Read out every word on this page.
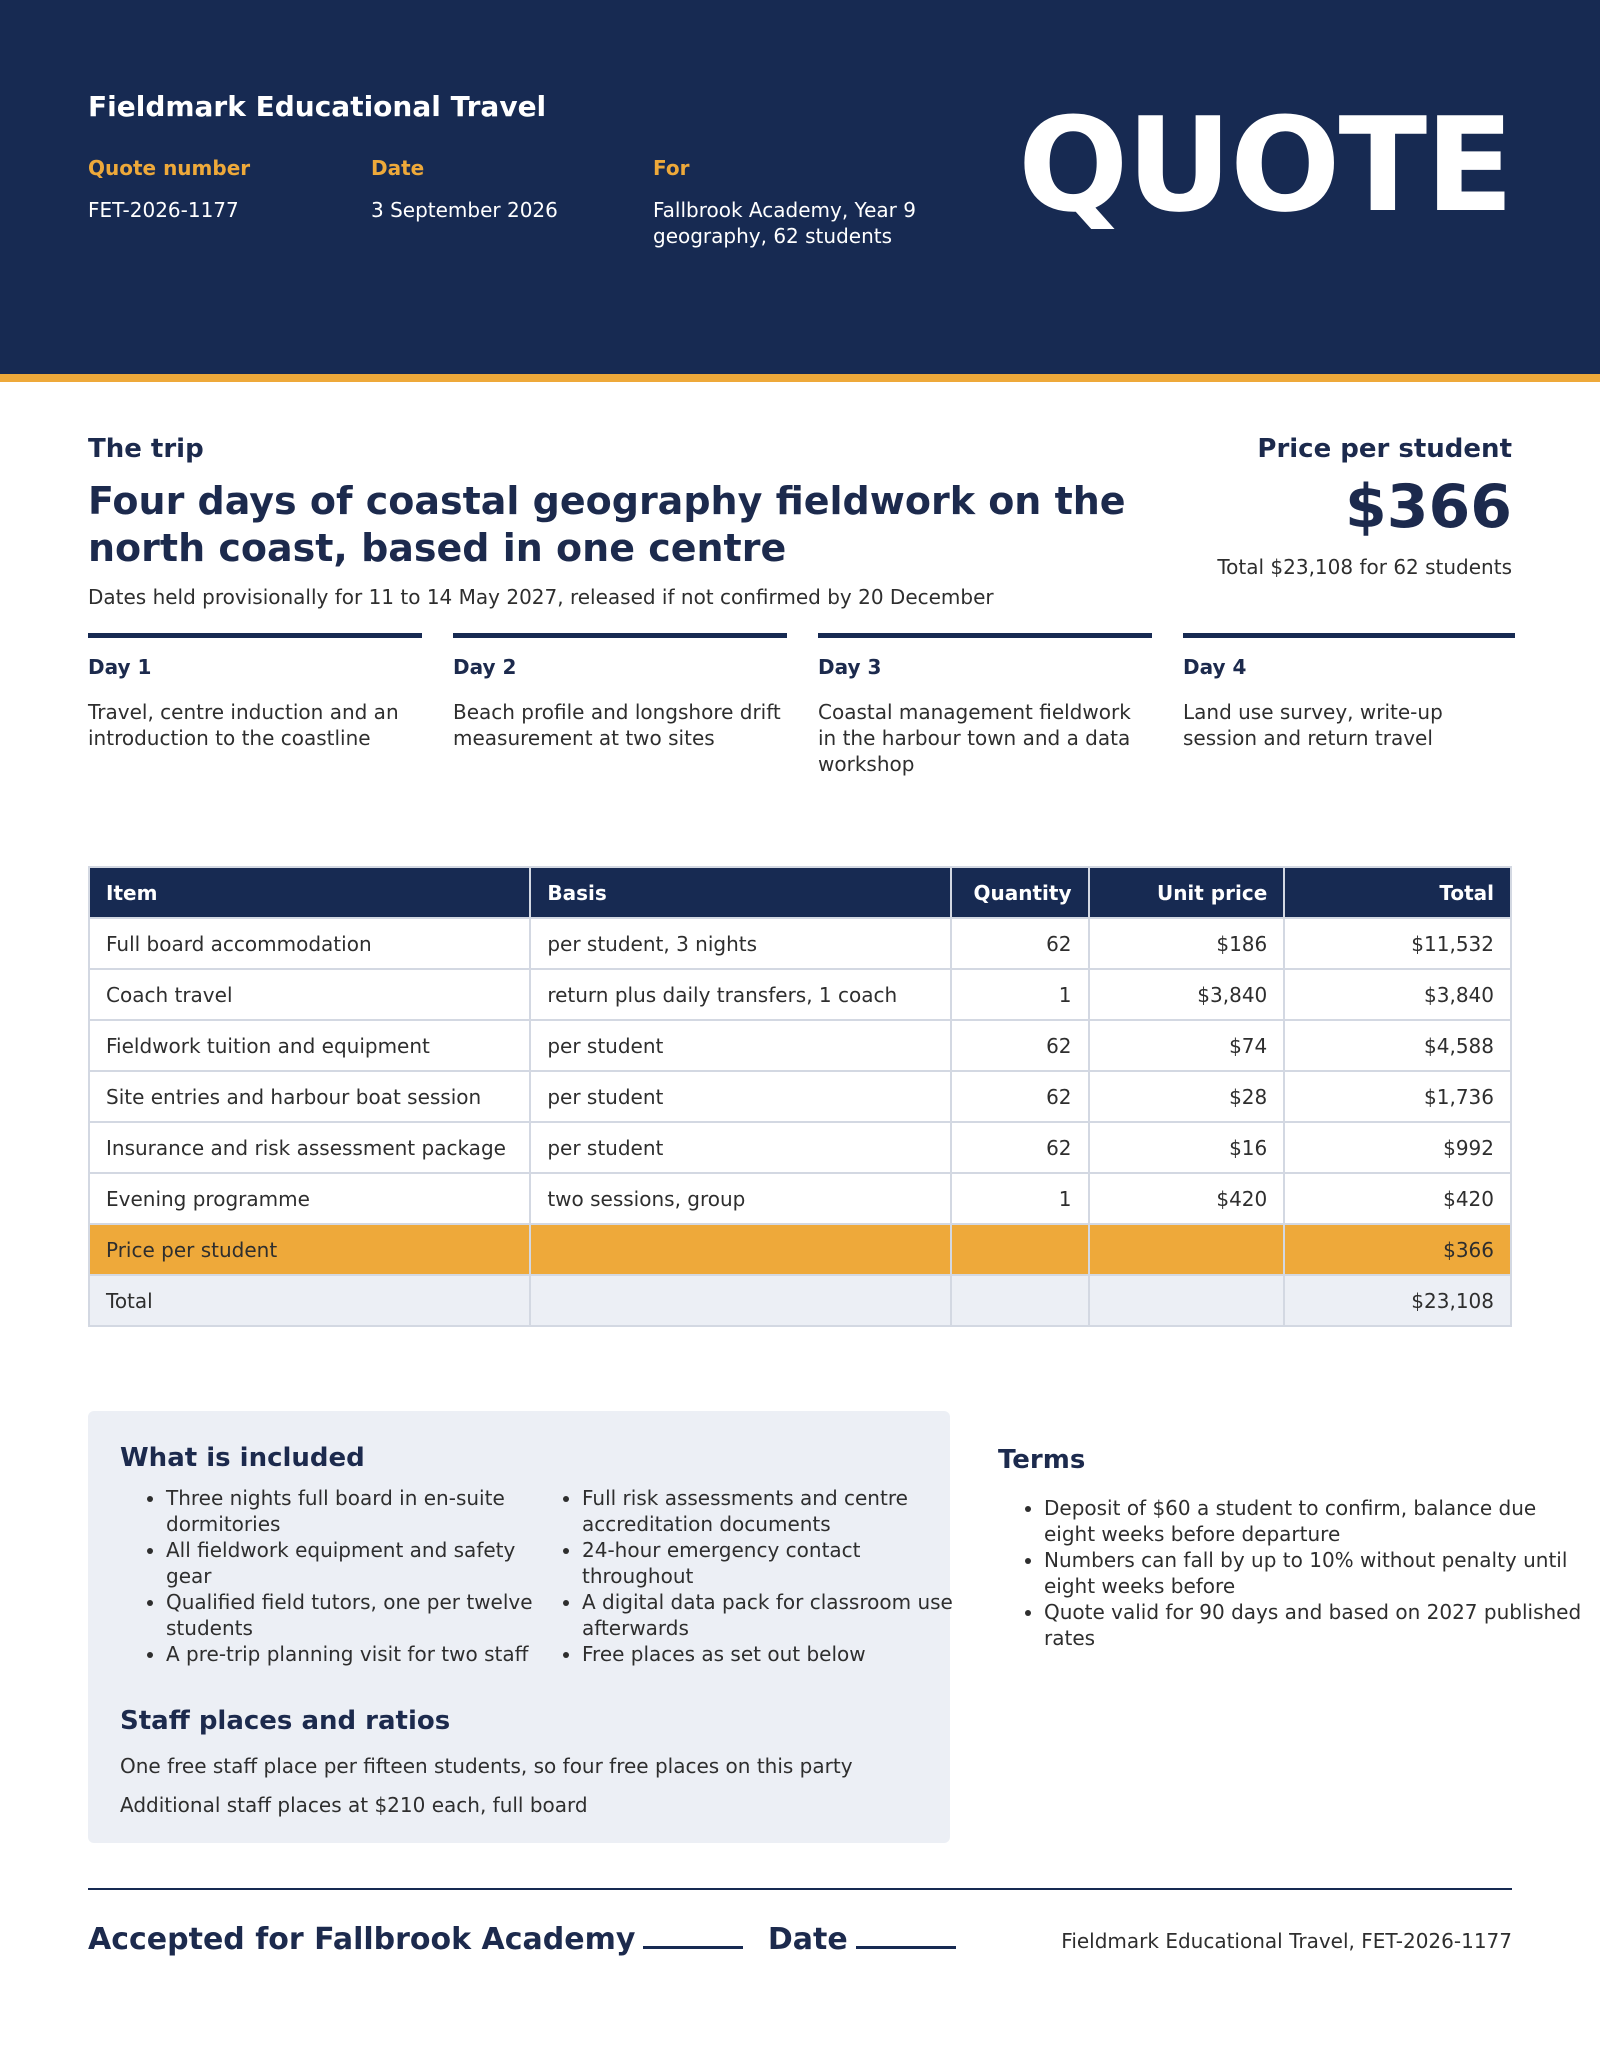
Fieldmark Educational Travel
Quote number
FET-2026-1177
Date
3 September 2026
For
Fallbrook Academy, Year 9 geography, 62 students QUOTE
The trip
Four days of coastal geography fieldwork on the north coast, based in one centre
Dates held provisionally for 11 to 14 May 2027, released if not confirmed by 20 December
Price per student
$366
Total $23,108 for 62 students
Day 1
Travel, centre induction and an introduction to the coastline
Day 2
Beach profile and longshore drift measurement at two sites
Day 3
Coastal management fieldwork in the harbour town and a data workshop
Day 4
Land use survey, write-up session and return travel
Item	Basis	Quantity	Unit price	Total
Full board accommodation	per student, 3 nights	62	$186	$11,532
Coach travel	return plus daily transfers, 1 coach	1	$3,840	$3,840
Fieldwork tuition and equipment	per student	62	$74	$4,588
Site entries and harbour boat session	per student	62	$28	$1,736
Insurance and risk assessment package	per student	62	$16	$992
Evening programme	two sessions, group	1	$420	$420
Price per student				$366
Total				$23,108
What is included
• Three nights full board in en-suite dormitories
• All fieldwork equipment and safety gear
• Qualified field tutors, one per twelve students
• A pre-trip planning visit for two staff
• Full risk assessments and centre accreditation documents
• 24-hour emergency contact throughout
• A digital data pack for classroom use afterwards
• Free places as set out below
Staff places and ratios
One free staff place per fifteen students, so four free places on this party
Additional staff places at $210 each, full board
Terms
• Deposit of $60 a student to confirm, balance due eight weeks before departure
• Numbers can fall by up to 10% without penalty until eight weeks before
• Quote valid for 90 days and based on 2027 published rates
Accepted for Fallbrook Academy	Date	Fieldmark Educational Travel, FET-2026-1177
